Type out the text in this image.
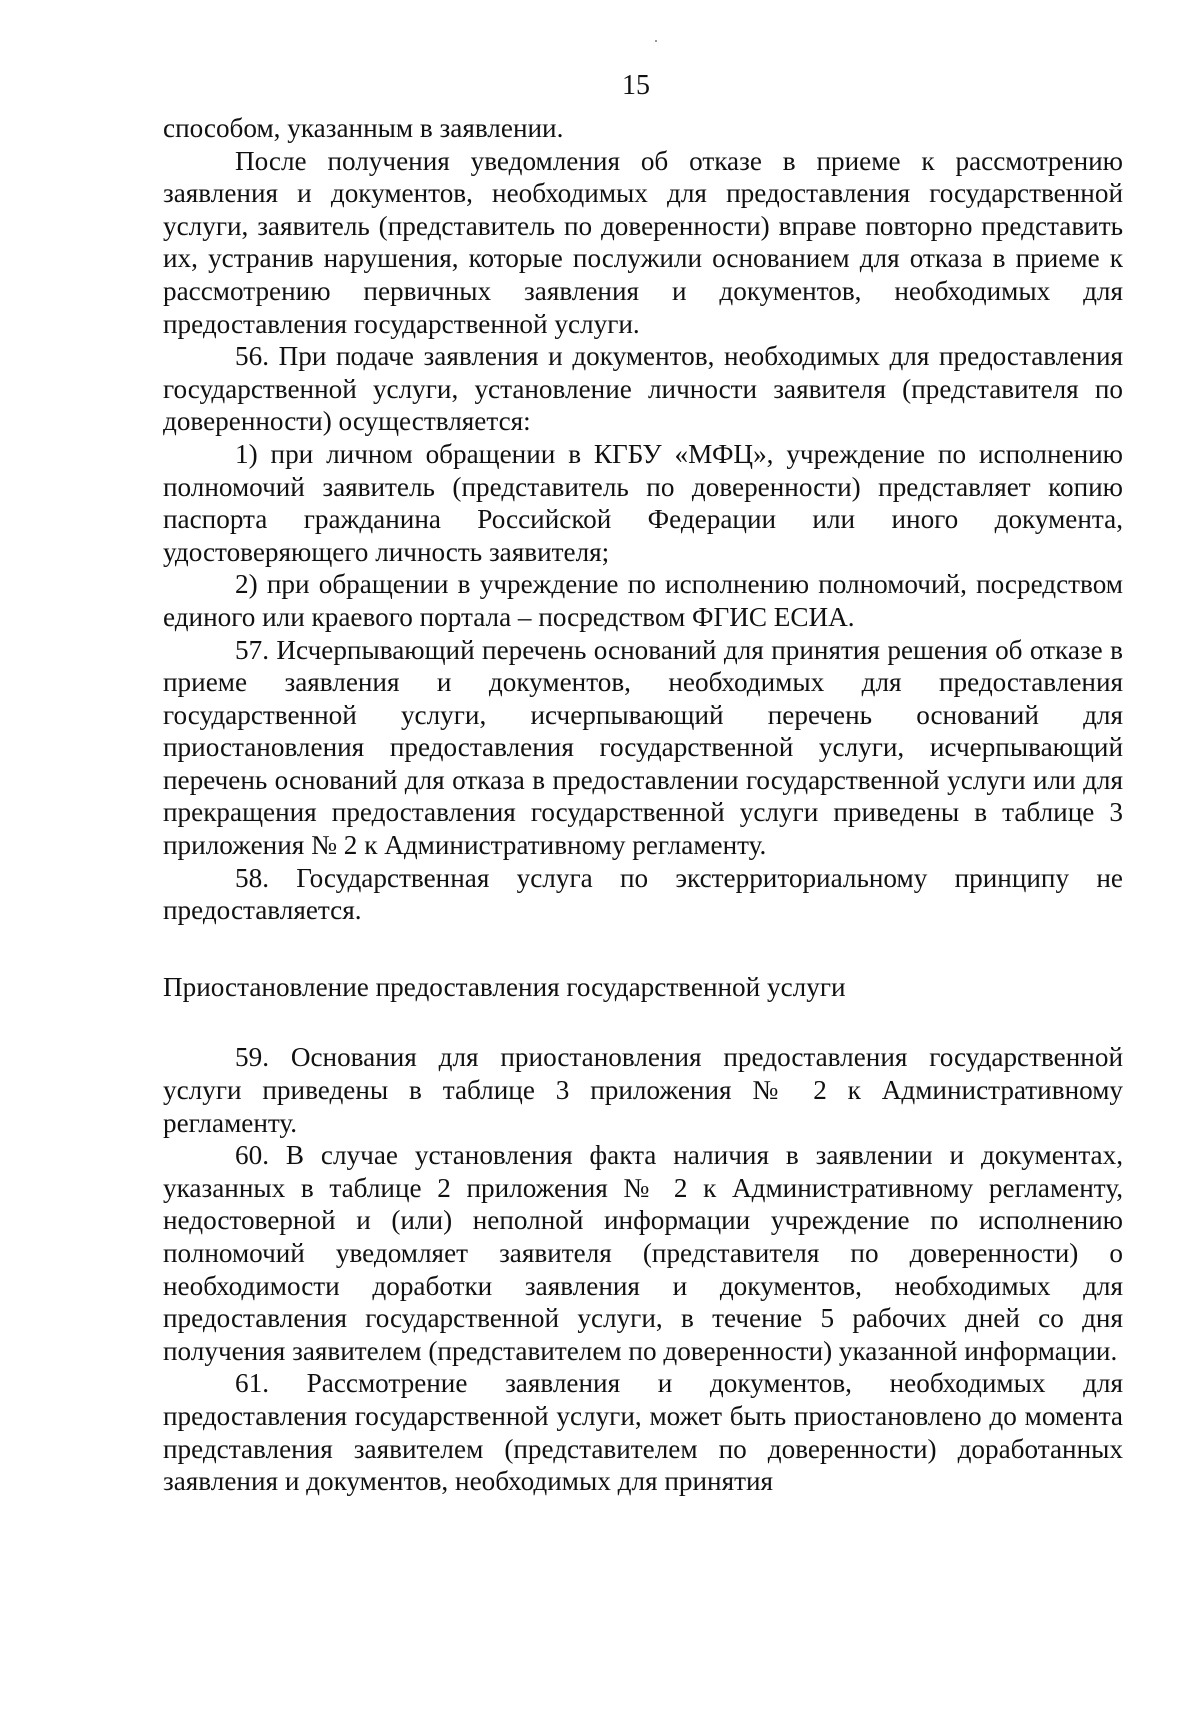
15

способом, указанным в заявлении.

После получения уведомления об отказе в приеме к рассмотрению заявления и документов, необходимых для предоставления государственной услуги, заявитель (представитель по доверенности) вправе повторно представить их, устранив нарушения, которые послужили основанием для отказа в приеме к рассмотрению первичных заявления и документов, необходимых для предоставления государственной услуги.

56. При подаче заявления и документов, необходимых для предоставления государственной услуги, установление личности заявителя (представителя по доверенности) осуществляется:

1) при личном обращении в КГБУ «МФЦ», учреждение по исполнению полномочий заявитель (представитель по доверенности) представляет копию паспорта гражданина Российской Федерации или иного документа, удостоверяющего личность заявителя;

2) при обращении в учреждение по исполнению полномочий, посредством единого или краевого портала – посредством ФГИС ЕСИА.

57. Исчерпывающий перечень оснований для принятия решения об отказе в приеме заявления и документов, необходимых для предоставления государственной услуги, исчерпывающий перечень оснований для приостановления предоставления государственной услуги, исчерпывающий перечень оснований для отказа в предоставлении государственной услуги или для прекращения предоставления государственной услуги приведены в таблице 3 приложения № 2 к Административному регламенту.

58. Государственная услуга по экстерриториальному принципу не предоставляется.

Приостановление предоставления государственной услуги

59. Основания для приостановления предоставления государственной услуги приведены в таблице 3 приложения № 2 к Административному регламенту.

60. В случае установления факта наличия в заявлении и документах, указанных в таблице 2 приложения № 2 к Административному регламенту, недостоверной и (или) неполной информации учреждение по исполнению полномочий уведомляет заявителя (представителя по доверенности) о необходимости доработки заявления и документов, необходимых для предоставления государственной услуги, в течение 5 рабочих дней со дня получения заявителем (представителем по доверенности) указанной информации.

61. Рассмотрение заявления и документов, необходимых для предоставления государственной услуги, может быть приостановлено до момента представления заявителем (представителем по доверенности) доработанных заявления и документов, необходимых для принятия
